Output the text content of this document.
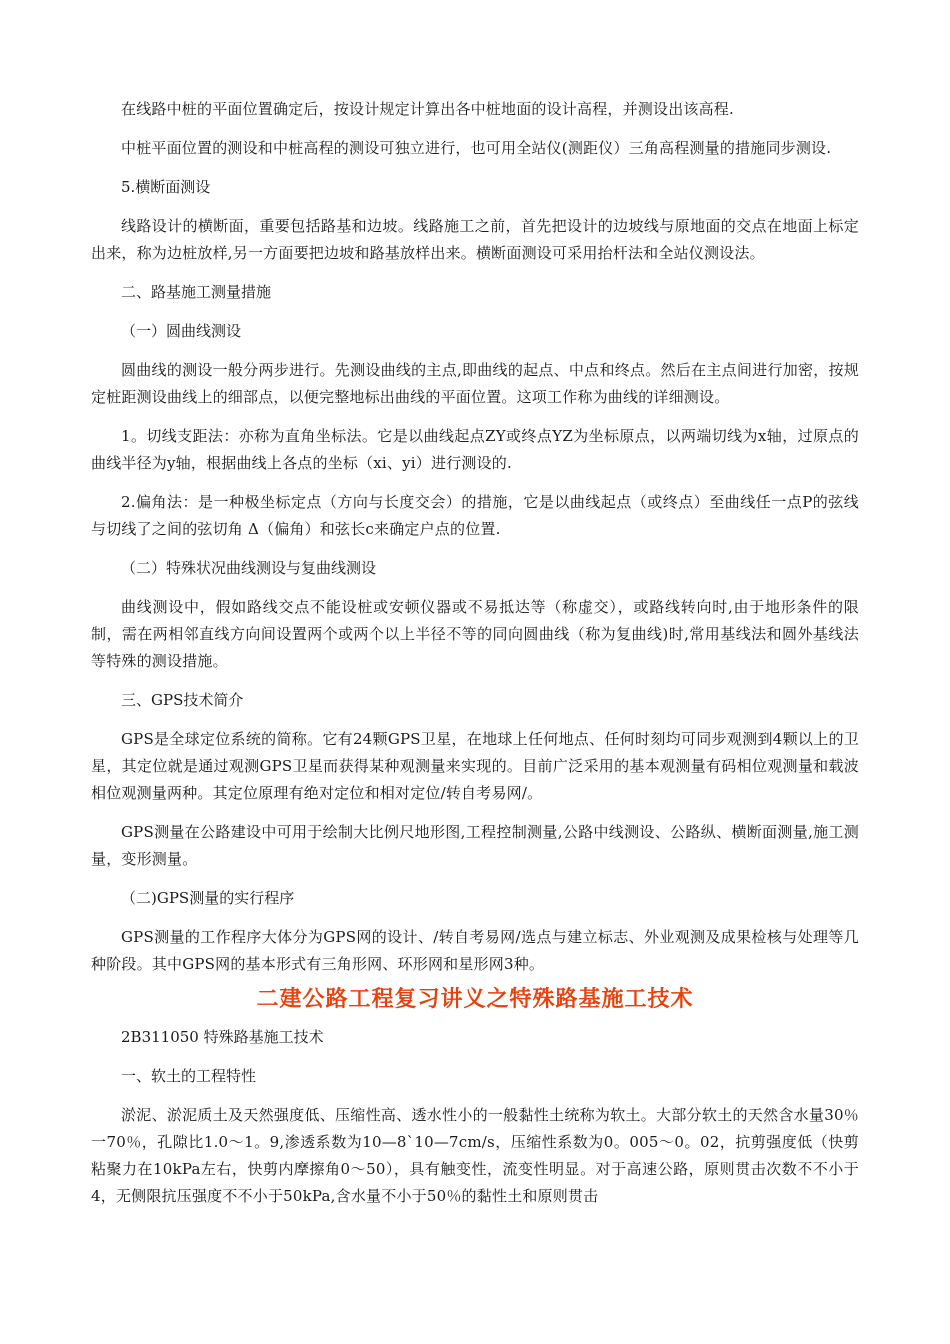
在线路中桩的平面位置确定后，按设计规定计算出各中桩地面的设计高程，并测设出该高程.

中桩平面位置的测设和中桩高程的测设可独立进行，也可用全站仪(测距仪）三角高程测量的措施同步测设.

5.横断面测设

线路设计的横断面，重要包括路基和边坡。线路施工之前，首先把设计的边坡线与原地面的交点在地面上标定出来，称为边桩放样,另一方面要把边坡和路基放样出来。横断面测设可采用抬杆法和全站仪测设法。

二、路基施工测量措施

（一）圆曲线测设

圆曲线的测设一般分两步进行。先测设曲线的主点,即曲线的起点、中点和终点。然后在主点间进行加密，按规定桩距测设曲线上的细部点，以便完整地标出曲线的平面位置。这项工作称为曲线的详细测设。

1。切线支距法：亦称为直角坐标法。它是以曲线起点ZY或终点YZ为坐标原点，以两端切线为x轴，过原点的曲线半径为y轴，根据曲线上各点的坐标（xi、yi）进行测设的.

2.偏角法：是一种极坐标定点（方向与长度交会）的措施，它是以曲线起点（或终点）至曲线任一点P的弦线与切线了之间的弦切角 Δ（偏角）和弦长c来确定户点的位置.

（二）特殊状况曲线测设与复曲线测设

曲线测设中，假如路线交点不能设桩或安顿仪器或不易抵达等（称虚交），或路线转向时,由于地形条件的限制，需在两相邻直线方向间设置两个或两个以上半径不等的同向圆曲线（称为复曲线)时,常用基线法和圆外基线法等特殊的测设措施。

三、GPS技术简介

GPS是全球定位系统的简称。它有24颗GPS卫星，在地球上任何地点、任何时刻均可同步观测到4颗以上的卫星，其定位就是通过观测GPS卫星而获得某种观测量来实现的。目前广泛采用的基本观测量有码相位观测量和载波相位观测量两种。其定位原理有绝对定位和相对定位/转自考易网/。

GPS测量在公路建设中可用于绘制大比例尺地形图,工程控制测量,公路中线测设、公路纵、横断面测量,施工测量，变形测量。

（二)GPS测量的实行程序

GPS测量的工作程序大体分为GPS网的设计、/转自考易网/选点与建立标志、外业观测及成果检核与处理等几种阶段。其中GPS网的基本形式有三角形网、环形网和星形网3种。

二建公路工程复习讲义之特殊路基施工技术

2B311050 特殊路基施工技术

一、软土的工程特性

淤泥、淤泥质土及天然强度低、压缩性高、透水性小的一般黏性土统称为软土。大部分软土的天然含水量30％一70％，孔隙比1.0～1。9,渗透系数为10—8`10—7cm/s，压缩性系数为0。005～0。02，抗剪强度低（快剪粘聚力在10kPa左右，快剪内摩擦角0～50），具有触变性，流变性明显。对于高速公路，原则贯击次数不不小于4，无侧限抗压强度不不小于50kPa,含水量不小于50％的黏性土和原则贯击
